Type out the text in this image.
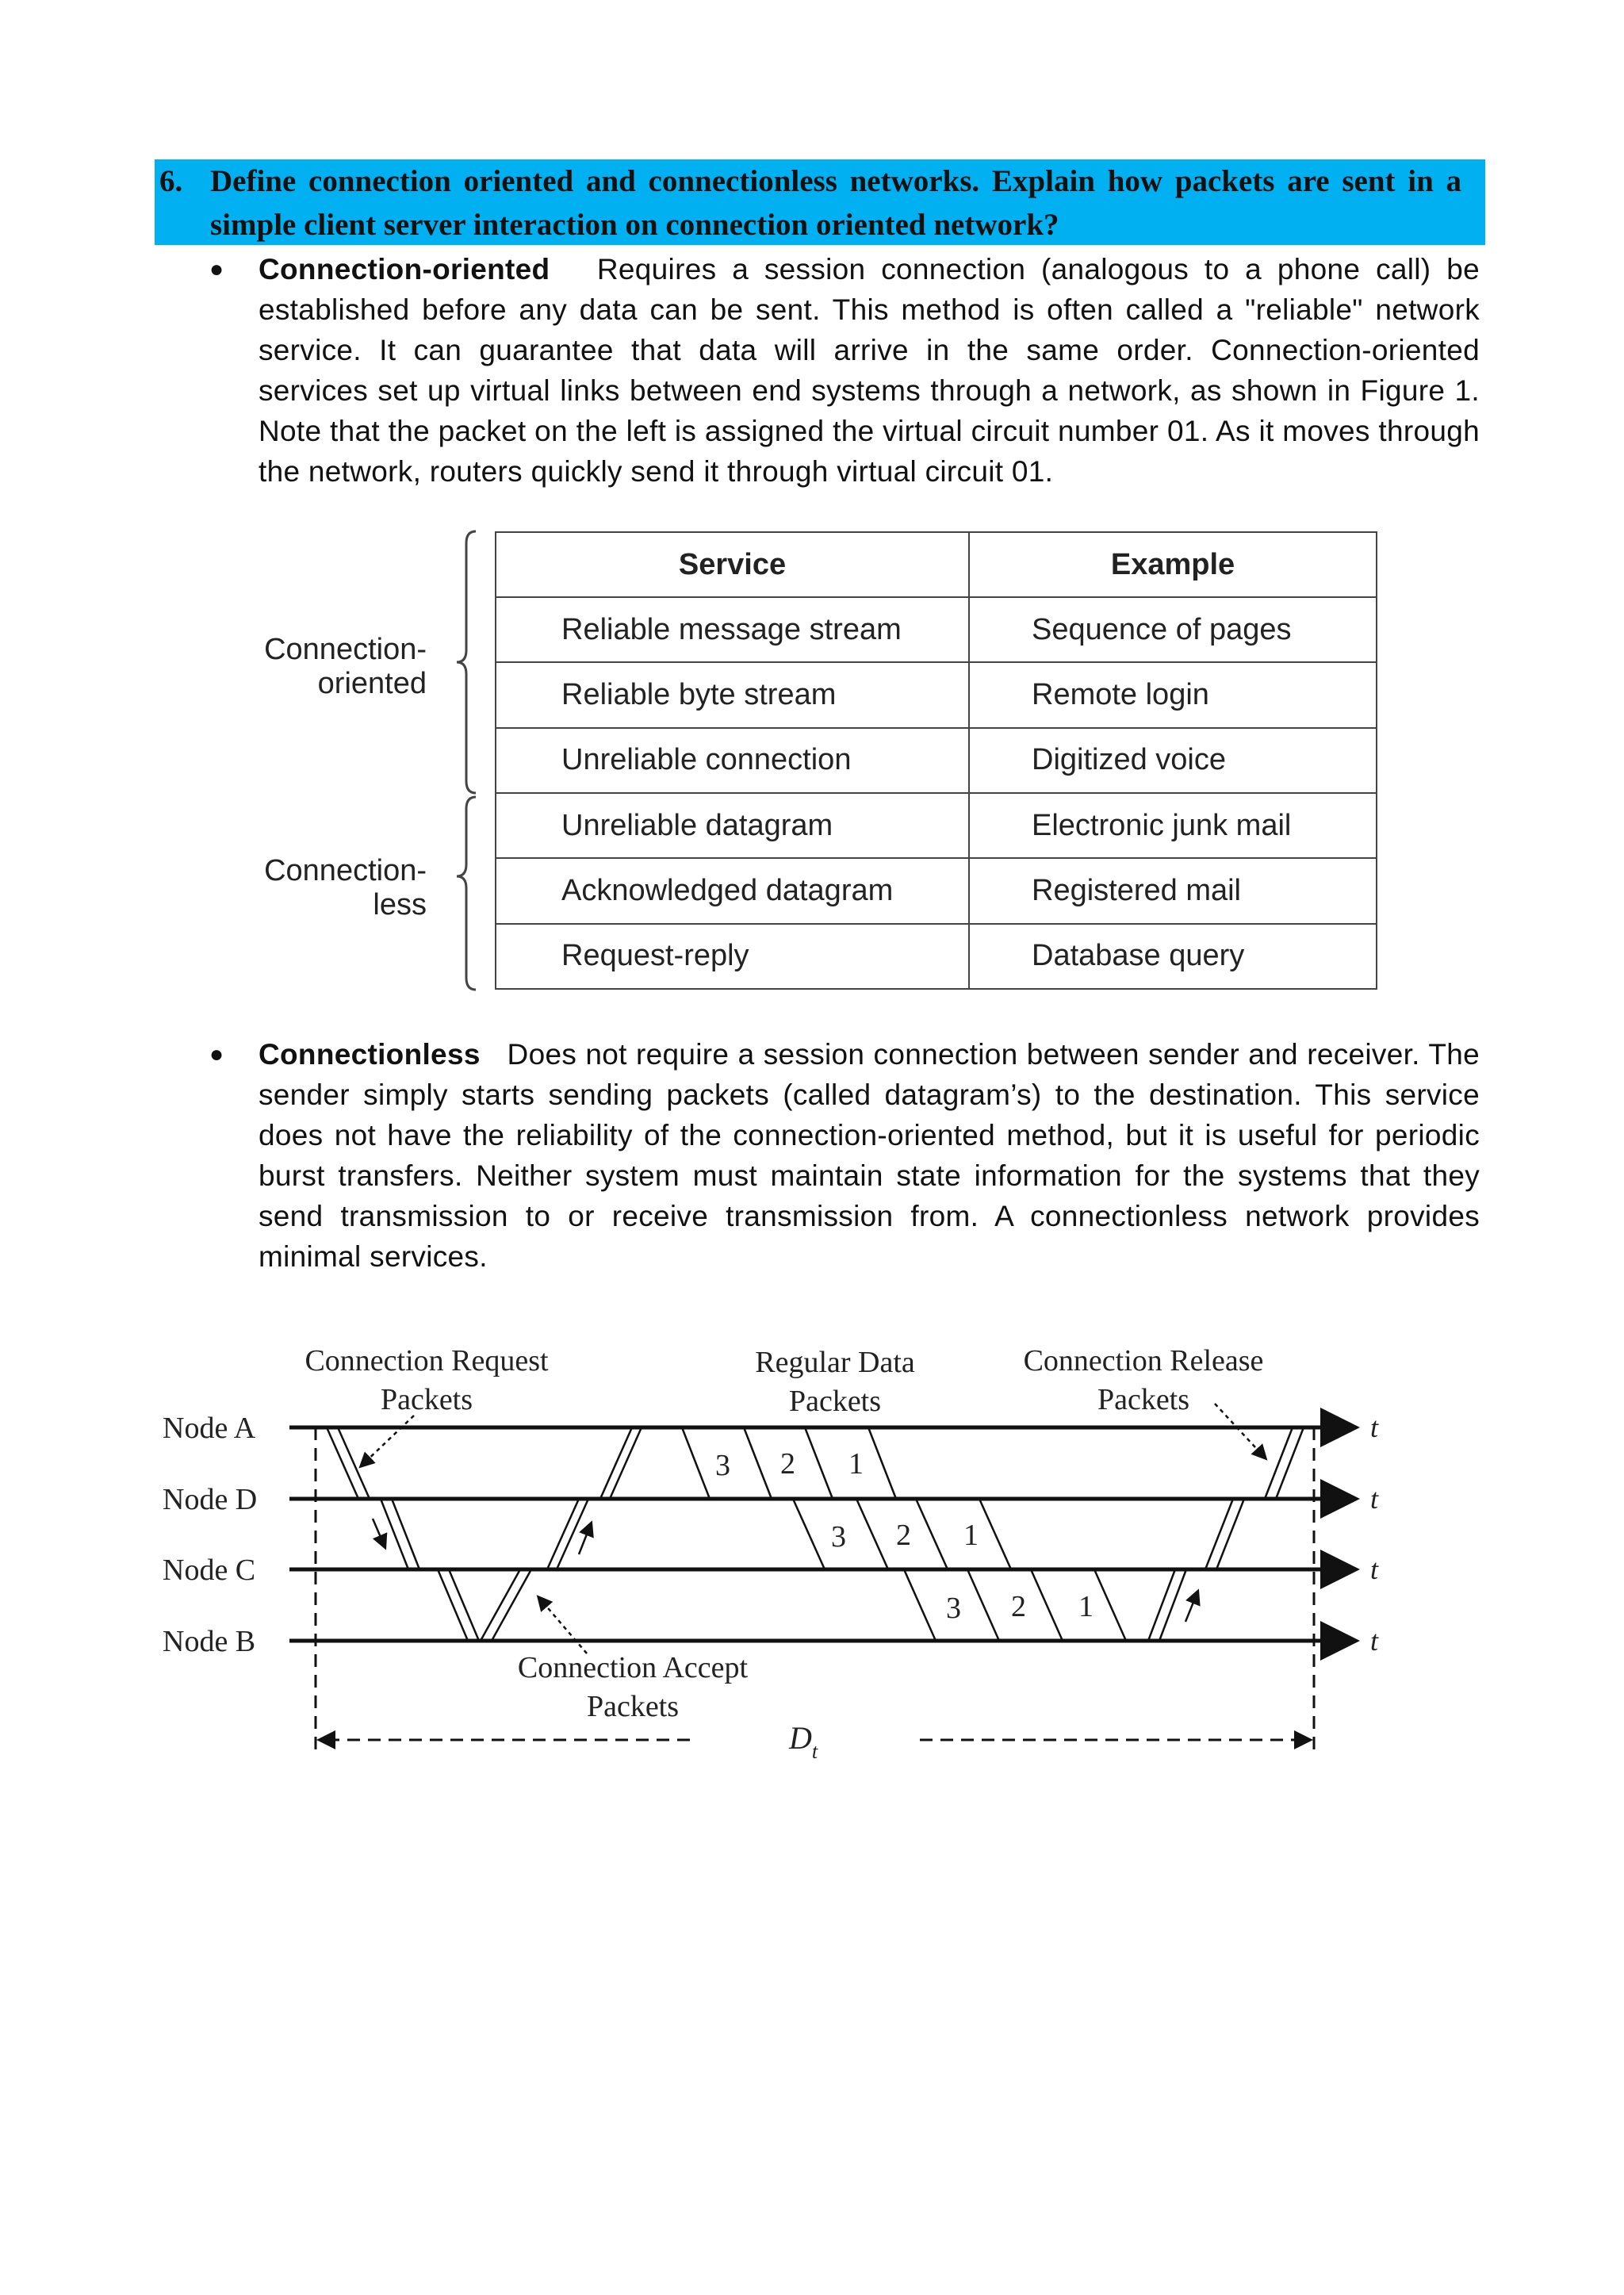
6. Define connection oriented and connectionless networks. Explain how packets are sent in a simple client server interaction on connection oriented network?
● Connection-oriented Requires a session connection (analogous to a phone call) be established before any data can be sent. This method is often called a "reliable" network service. It can guarantee that data will arrive in the same order. Connection-oriented services set up virtual links between end systems through a network, as shown in Figure 1. Note that the packet on the left is assigned the virtual circuit number 01. As it moves through the network, routers quickly send it through virtual circuit 01.
Connection-
oriented
Connection-
less
Service	Example
Reliable message stream	Sequence of pages
Reliable byte stream	Remote login
Unreliable connection	Digitized voice
Unreliable datagram	Electronic junk mail
Acknowledged datagram	Registered mail
Request-reply	Database query
● Connectionless Does not require a session connection between sender and receiver. The sender simply starts sending packets (called datagram’s) to the destination. This service does not have the reliability of the connection-oriented method, but it is useful for periodic burst transfers. Neither system must maintain state information for the systems that they send transmission to or receive transmission from. A connectionless network provides minimal services.
Node A
Node D
Node C
Node B
t
t
t
t
$D_t$
3 2 1
3 2 1
3 2 1
Connection Request
Packets
Regular Data
Packets
Connection Release
Packets
Connection Accept
Packets
